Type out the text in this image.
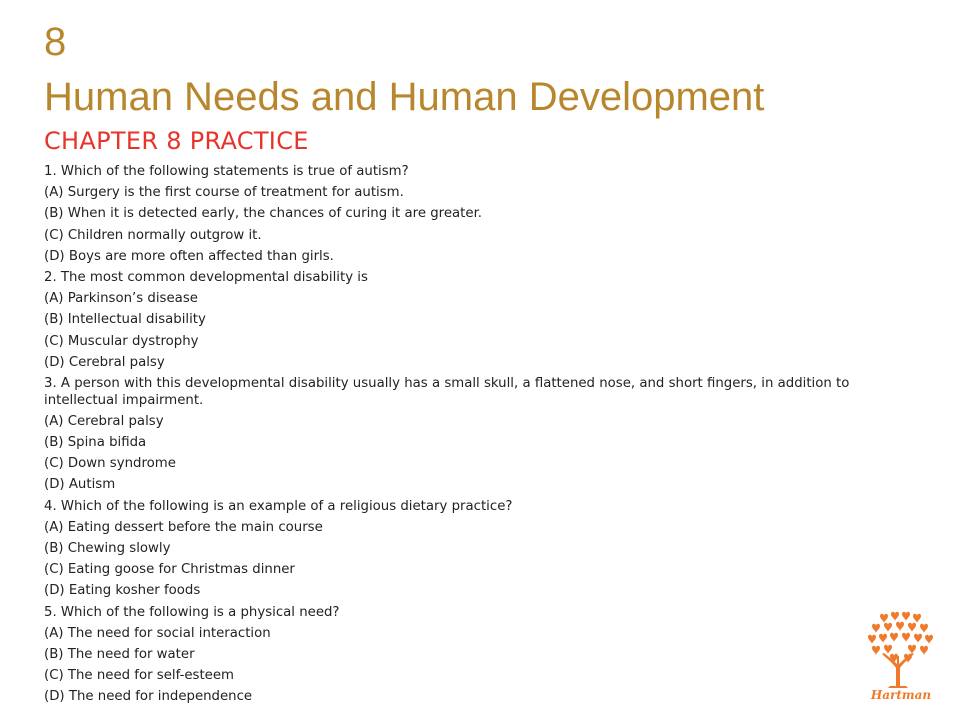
8
Human Needs and Human Development
CHAPTER 8 PRACTICE

1. Which of the following statements is true of autism?

(A) Surgery is the first course of treatment for autism.

(B) When it is detected early, the chances of curing it are greater.

(C) Children normally outgrow it.

(D) Boys are more often affected than girls.

2. The most common developmental disability is

(A) Parkinson’s disease

(B) Intellectual disability

(C) Muscular dystrophy

(D) Cerebral palsy

3. A person with this developmental disability usually has a small skull, a flattened nose, and short fingers, in addition to intellectual impairment.

(A) Cerebral palsy

(B) Spina bifida

(C) Down syndrome

(D) Autism

4. Which of the following is an example of a religious dietary practice?

(A) Eating dessert before the main course

(B) Chewing slowly

(C) Eating goose for Christmas dinner

(D) Eating kosher foods

5. Which of the following is a physical need?

(A) The need for social interaction

(B) The need for water

(C) The need for self-esteem

(D) The need for independence	Hartman
